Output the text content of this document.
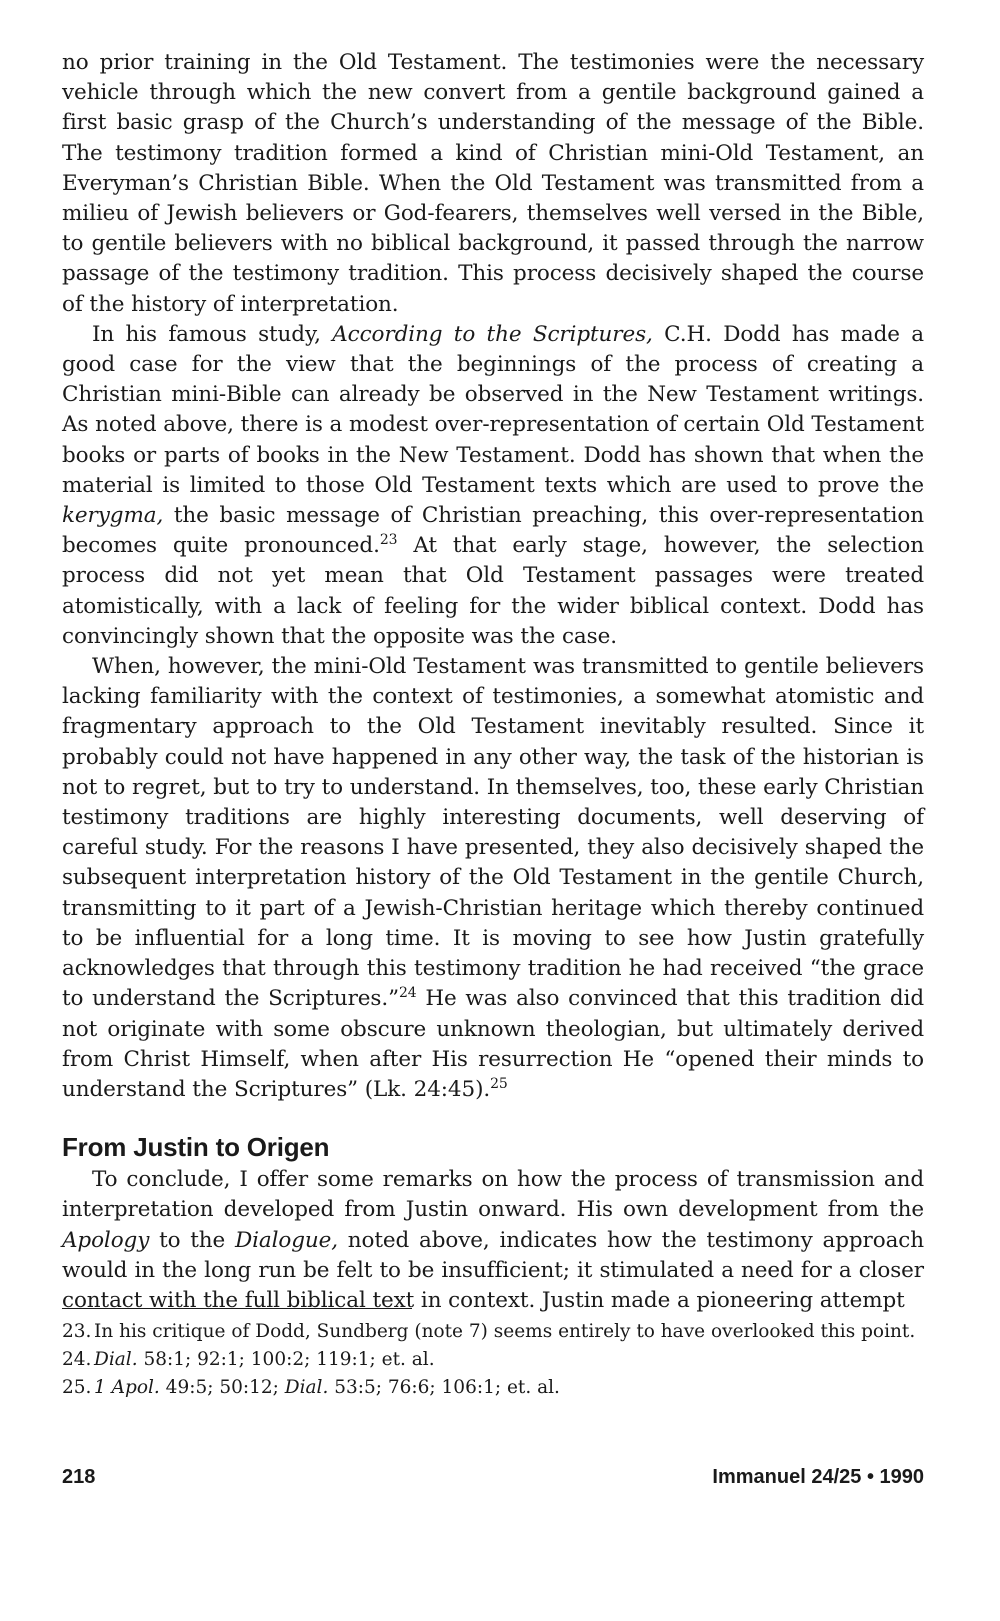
no prior training in the Old Testament. The testimonies were the necessary vehicle through which the new convert from a gentile background gained a first basic grasp of the Church’s understanding of the message of the Bible. The testimony tradition formed a kind of Christian mini-Old Testament, an Everyman’s Christian Bible. When the Old Testament was transmitted from a milieu of Jewish believers or God-fearers, themselves well versed in the Bible, to gentile believers with no biblical background, it passed through the narrow passage of the testimony tradition. This process decisively shaped the course of the history of interpretation.

In his famous study, According to the Scriptures, C.H. Dodd has made a good case for the view that the beginnings of the process of creating a Christian mini-Bible can already be observed in the New Testament writings. As noted above, there is a modest over-representation of certain Old Testament books or parts of books in the New Testament. Dodd has shown that when the material is limited to those Old Testament texts which are used to prove the kerygma, the basic message of Christian preaching, this over-representation becomes quite pronounced.$^{23}$ At that early stage, however, the selection process did not yet mean that Old Testament passages were treated atomistically, with a lack of feeling for the wider biblical context. Dodd has convincingly shown that the opposite was the case.

When, however, the mini-Old Testament was transmitted to gentile believers lacking familiarity with the context of testimonies, a somewhat atomistic and fragmentary approach to the Old Testament inevitably resulted. Since it probably could not have happened in any other way, the task of the historian is not to regret, but to try to understand. In themselves, too, these early Christian testimony traditions are highly interesting documents, well deserving of careful study. For the reasons I have presented, they also decisively shaped the subsequent interpretation history of the Old Testament in the gentile Church, transmitting to it part of a Jewish-Christian heritage which thereby continued to be influential for a long time. It is moving to see how Justin gratefully acknowledges that through this testimony tradition he had received “the grace to understand the Scriptures.”$^{24}$ He was also convinced that this tradition did not originate with some obscure unknown theologian, but ultimately derived from Christ Himself, when after His resurrection He “opened their minds to understand the Scriptures” (Lk. 24:45).$^{25}$

From Justin to Origen

To conclude, I offer some remarks on how the process of transmission and interpretation developed from Justin onward. His own development from the Apology to the Dialogue, noted above, indicates how the testimony approach would in the long run be felt to be insufficient; it stimulated a need for a closer contact with the full biblical text in context. Justin made a pioneering attempt

23. In his critique of Dodd, Sundberg (note 7) seems entirely to have overlooked this point.
24. Dial. 58:1; 92:1; 100:2; 119:1; et. al.
25. 1 Apol. 49:5; 50:12; Dial. 53:5; 76:6; 106:1; et. al.
218	Immanuel 24/25 • 1990
